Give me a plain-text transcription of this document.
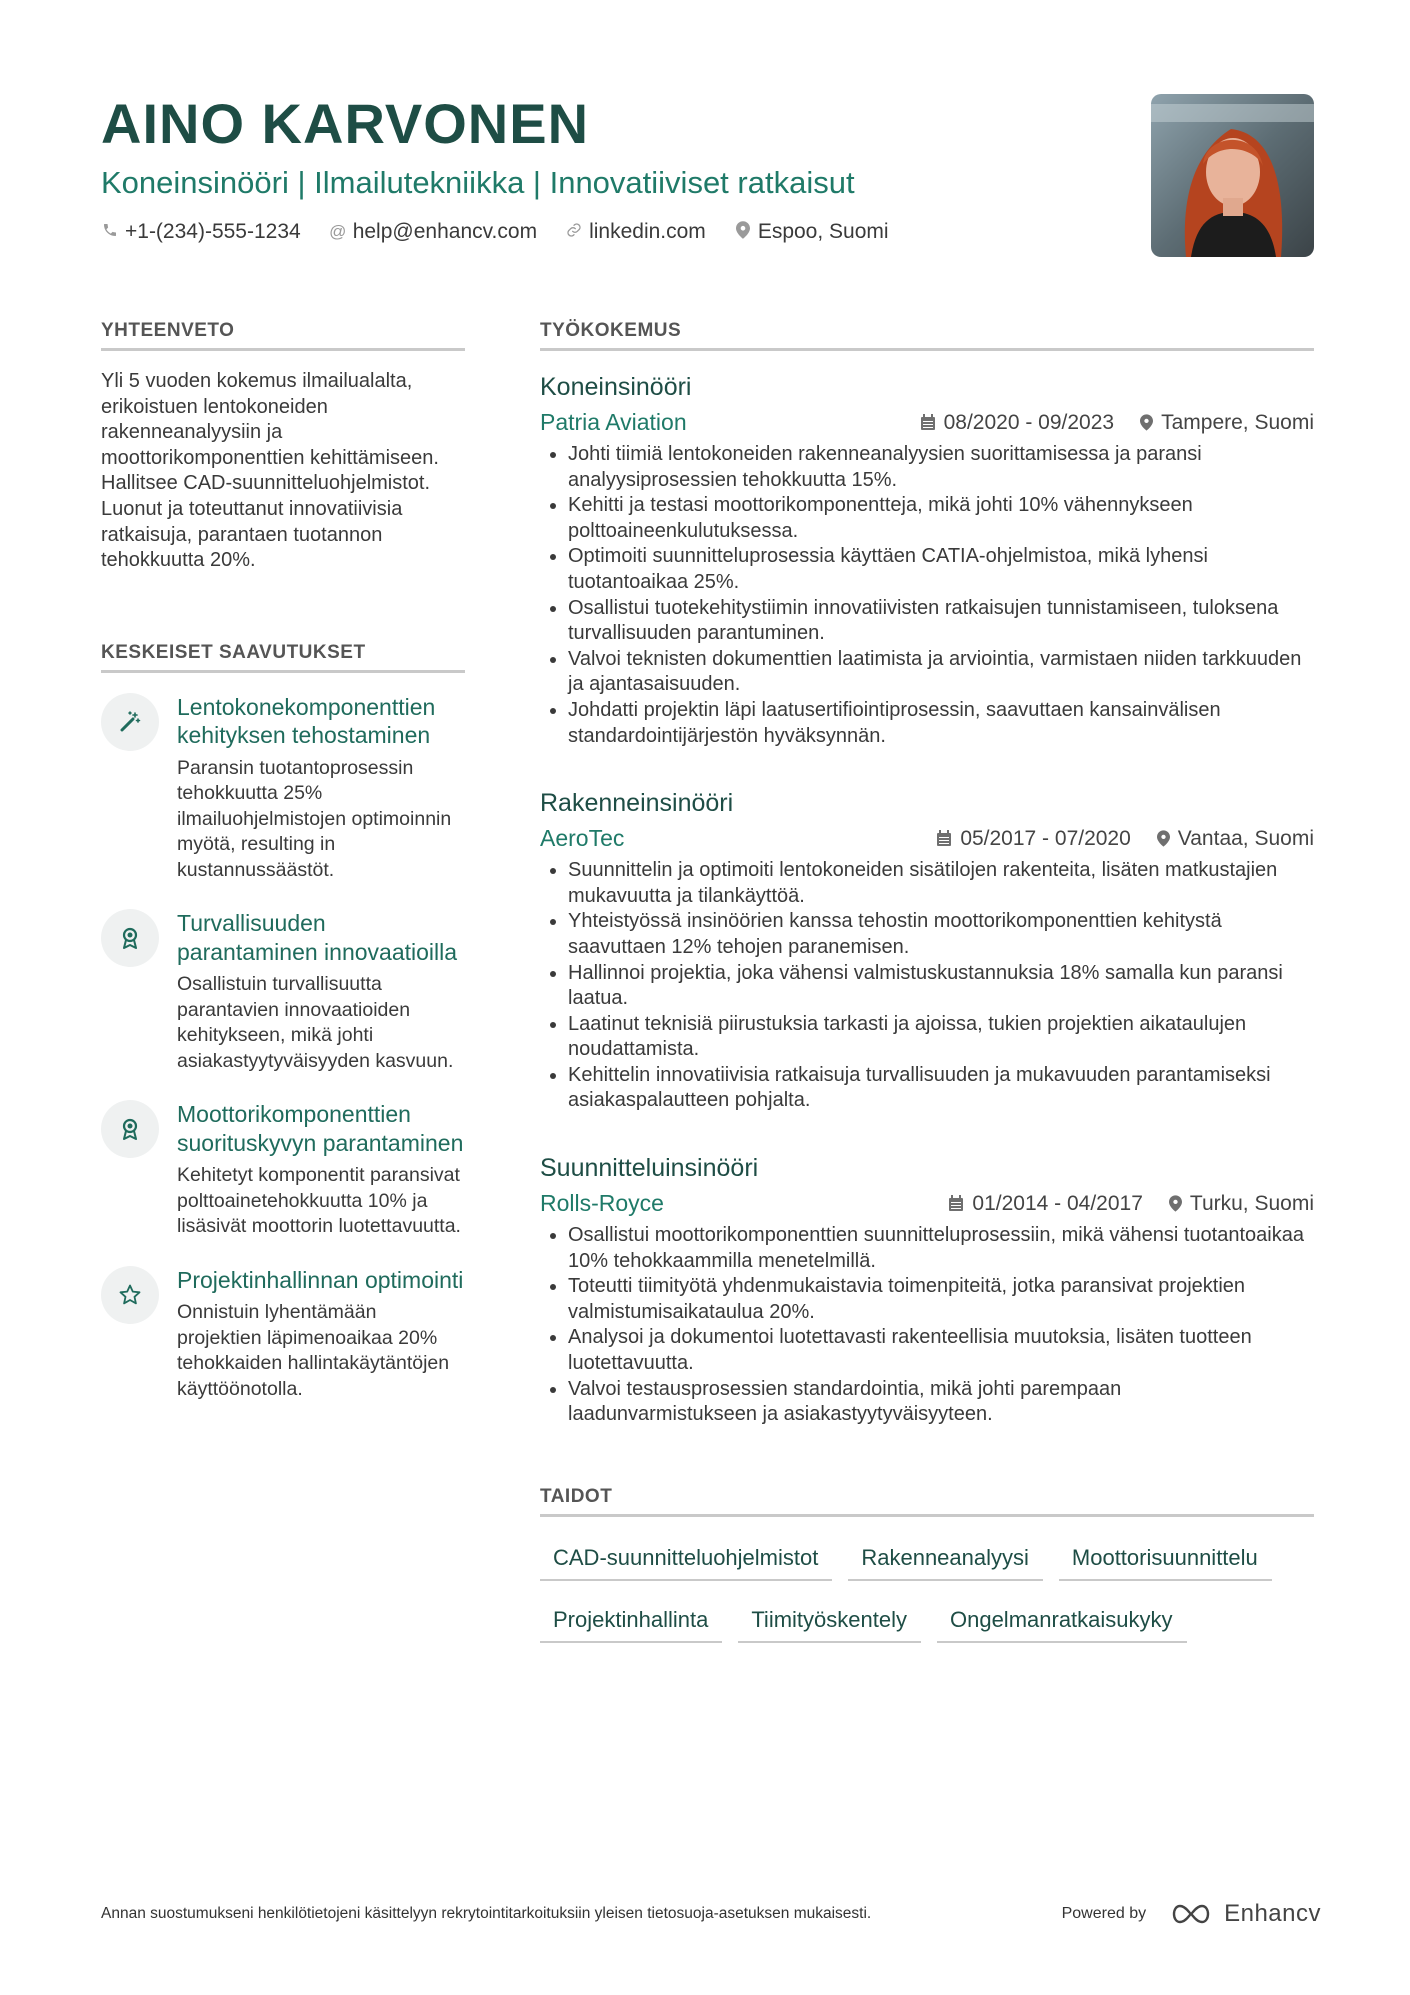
AINO KARVONEN
Koneinsinööri | Ilmailutekniikka | Innovatiiviset ratkaisut
+1-(234)-555-1234 @ help@enhancv.com linkedin.com Espoo, Suomi
YHTEENVETO
Yli 5 vuoden kokemus ilmailualalta, erikoistuen lentokoneiden rakenneanalyysiin ja moottorikomponenttien kehittämiseen. Hallitsee CAD-suunnitteluohjelmistot. Luonut ja toteuttanut innovatiivisia ratkaisuja, parantaen tuotannon tehokkuutta 20%.
KESKEISET SAAVUTUKSET
Lentokonekomponenttien kehityksen tehostaminen
Paransin tuotantoprosessin tehokkuutta 25% ilmailuohjelmistojen optimoinnin myötä, resulting in kustannussäästöt.
Turvallisuuden parantaminen innovaatioilla
Osallistuin turvallisuutta parantavien innovaatioiden kehitykseen, mikä johti asiakastyytyväisyyden kasvuun.
Moottorikomponenttien suorituskyvyn parantaminen
Kehitetyt komponentit paransivat polttoainetehokkuutta 10% ja lisäsivät moottorin luotettavuutta.
Projektinhallinnan optimointi
Onnistuin lyhentämään projektien läpimenoaikaa 20% tehokkaiden hallintakäytäntöjen käyttöönotolla.
TYÖKOKEMUS
Koneinsinööri
Patria Aviation	08/2020 - 09/2023 Tampere, Suomi
• Johti tiimiä lentokoneiden rakenneanalyysien suorittamisessa ja paransi analyysiprosessien tehokkuutta 15%.
• Kehitti ja testasi moottorikomponentteja, mikä johti 10% vähennykseen polttoaineenkulutuksessa.
• Optimoiti suunnitteluprosessia käyttäen CATIA-ohjelmistoa, mikä lyhensi tuotantoaikaa 25%.
• Osallistui tuotekehitystiimin innovatiivisten ratkaisujen tunnistamiseen, tuloksena turvallisuuden parantuminen.
• Valvoi teknisten dokumenttien laatimista ja arviointia, varmistaen niiden tarkkuuden ja ajantasaisuuden.
• Johdatti projektin läpi laatusertifiointiprosessin, saavuttaen kansainvälisen standardointijärjestön hyväksynnän.
Rakenneinsinööri
AeroTec	05/2017 - 07/2020 Vantaa, Suomi
• Suunnittelin ja optimoiti lentokoneiden sisätilojen rakenteita, lisäten matkustajien mukavuutta ja tilankäyttöä.
• Yhteistyössä insinöörien kanssa tehostin moottorikomponenttien kehitystä saavuttaen 12% tehojen paranemisen.
• Hallinnoi projektia, joka vähensi valmistuskustannuksia 18% samalla kun paransi laatua.
• Laatinut teknisiä piirustuksia tarkasti ja ajoissa, tukien projektien aikataulujen noudattamista.
• Kehittelin innovatiivisia ratkaisuja turvallisuuden ja mukavuuden parantamiseksi asiakaspalautteen pohjalta.
Suunnitteluinsinööri
Rolls-Royce	01/2014 - 04/2017 Turku, Suomi
• Osallistui moottorikomponenttien suunnitteluprosessiin, mikä vähensi tuotantoaikaa 10% tehokkaammilla menetelmillä.
• Toteutti tiimityötä yhdenmukaistavia toimenpiteitä, jotka paransivat projektien valmistumisaikataulua 20%.
• Analysoi ja dokumentoi luotettavasti rakenteellisia muutoksia, lisäten tuotteen luotettavuutta.
• Valvoi testausprosessien standardointia, mikä johti parempaan laadunvarmistukseen ja asiakastyytyväisyyteen.
TAIDOT
CAD-suunnitteluohjelmistot	Rakenneanalyysi	Moottorisuunnittelu
Projektinhallinta	Tiimityöskentely	Ongelmanratkaisukyky
Annan suostumukseni henkilötietojeni käsittelyyn rekrytointitarkoituksiin yleisen tietosuoja-asetuksen mukaisesti.	Powered by	Enhancv
